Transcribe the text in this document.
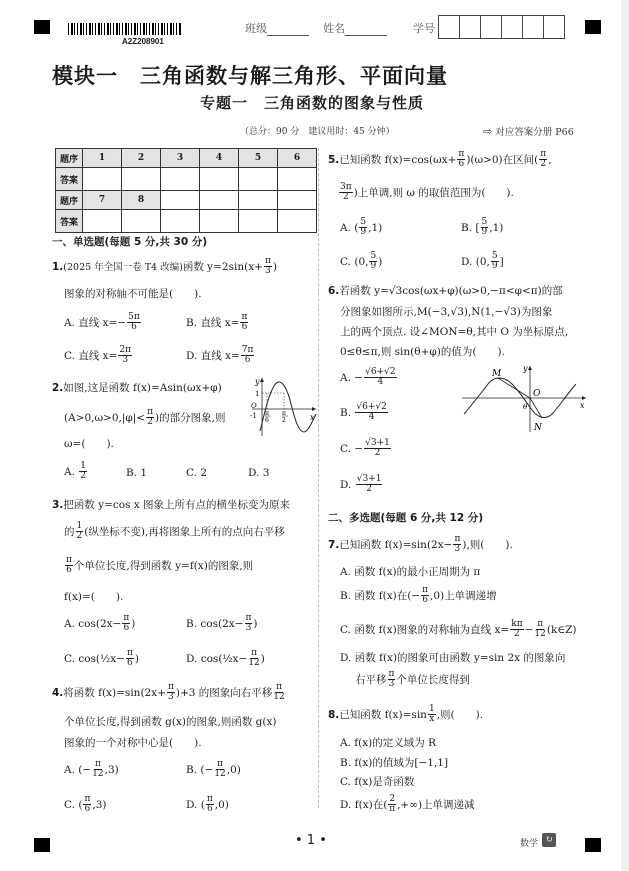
A2Z208901
班级	姓名	学号
模块一　三角函数与解三角形、平面向量
专题一　三角函数的图象与性质
（总分：90 分　建议用时：45 分钟）	⇨ 对应答案分册 P66
题序	1	2	3	4	5	6
答案						
题序	7	8				
答案						
一、单选题(每题 5 分,共 30 分)
1.(2025 年全国一卷 T4 改编)函数 $y=2\sin(x+ \frac{\pi}{3}$ )
图象的对称轴不可能是(　　).
A. 直线 $x=- \frac{5\pi}{6}$	B. 直线 $x= \frac{\pi}{6}$
C. 直线 $x= \frac{2\pi}{3}$	D. 直线 $x= \frac{7\pi}{6}$
2.如图,这是函数 f(x)=Asin(ωx+φ)
($A>0,\omega>0,|\varphi|< \frac{\pi}{2}$ )的部分图象,则
ω=(　　).
A. $\frac{1}{2}$	B. 1	C. 2	D. 3
y
x
1
O
-1 π
6
π
2
3.把函数 y=cos x 图象上所有点的横坐标变为原来
的 $\frac{1}{2}$ (纵坐标不变),再将图象上所有的点向右平移
$\frac{\pi}{6}$ 个单位长度,得到函数 y=f(x)的图象,则
f(x)=(　　).
A. $\cos(2x- \frac{\pi}{6}$ )	B. $\cos(2x- \frac{\pi}{3}$ )
C. cos(½x− $\frac{\pi}{6}$ )	D. cos(½x− $\frac{\pi}{12}$ )
4.将函数 $f(x)=\sin(2x+ \frac{\pi}{3} )+3$ 的图象向右平移 $\frac{\pi}{12}$
个单位长度,得到函数 g(x)的图象,则函数 g(x)
图象的一个对称中心是(　　).
A. (− $\frac{\pi}{12} ,3$)	B. (− $\frac{\pi}{12} ,0$)
C. ( $\frac{\pi}{6} ,3$)	D. ( $\frac{\pi}{6} ,0$)
5.已知函数 $f(x)=\cos(\omega x+ \frac{\pi}{6} )(\omega>0)$在区间( $\frac{\pi}{2}$ ,
$\frac{3\pi}{2}$ )上单调,则 ω 的取值范围为(　　).
A. ( $\frac{5}{9} ,1$)	B. [ $\frac{5}{9} ,1$)
C. (0, $\frac{5}{9}$ )	D. (0, $\frac{5}{9}$ ]
6.若函数 y=√3cos(ωx+φ)(ω>0,−π<φ<π)的部
分图象如图所示,M(−3,√3),N(1,−√3)为图象
上的两个顶点. 设∠MON=θ,其中 O 为坐标原点,
0≤θ≤π,则 sin(θ+φ)的值为(　　).
A. − $\frac{√6+√2}{4}$
B. $\frac{√6+√2}{4}$
C. − $\frac{√3+1}{2}$
D. $\frac{√3+1}{2}$
M
N
O
y
x
θ
二、多选题(每题 6 分,共 12 分)
7.已知函数 $f(x)=\sin(2x- \frac{\pi}{3}$ ),则(　　).
A. 函数 f(x)的最小正周期为 π
B. 函数 f(x)在(− $\frac{\pi}{6} ,0$)上单调递增
C. 函数 f(x)图象的对称轴为直线 $x= \frac{k\pi}{2} - \frac{\pi}{12}$ (k∈Z)
D. 函数 f(x)的图象可由函数 y=sin 2x 的图象向
右平移 $\frac{\pi}{3}$ 个单位长度得到
8.已知函数 $f(x)=\sin \frac{1}{x}$ ,则(　　).
A. f(x)的定义域为 R
B. f(x)的值域为[−1,1]
C. f(x)是奇函数
D. f(x)在( $\frac{2}{\pi}$ ,+∞)上单调递减
• 1 •	数学 ↻
